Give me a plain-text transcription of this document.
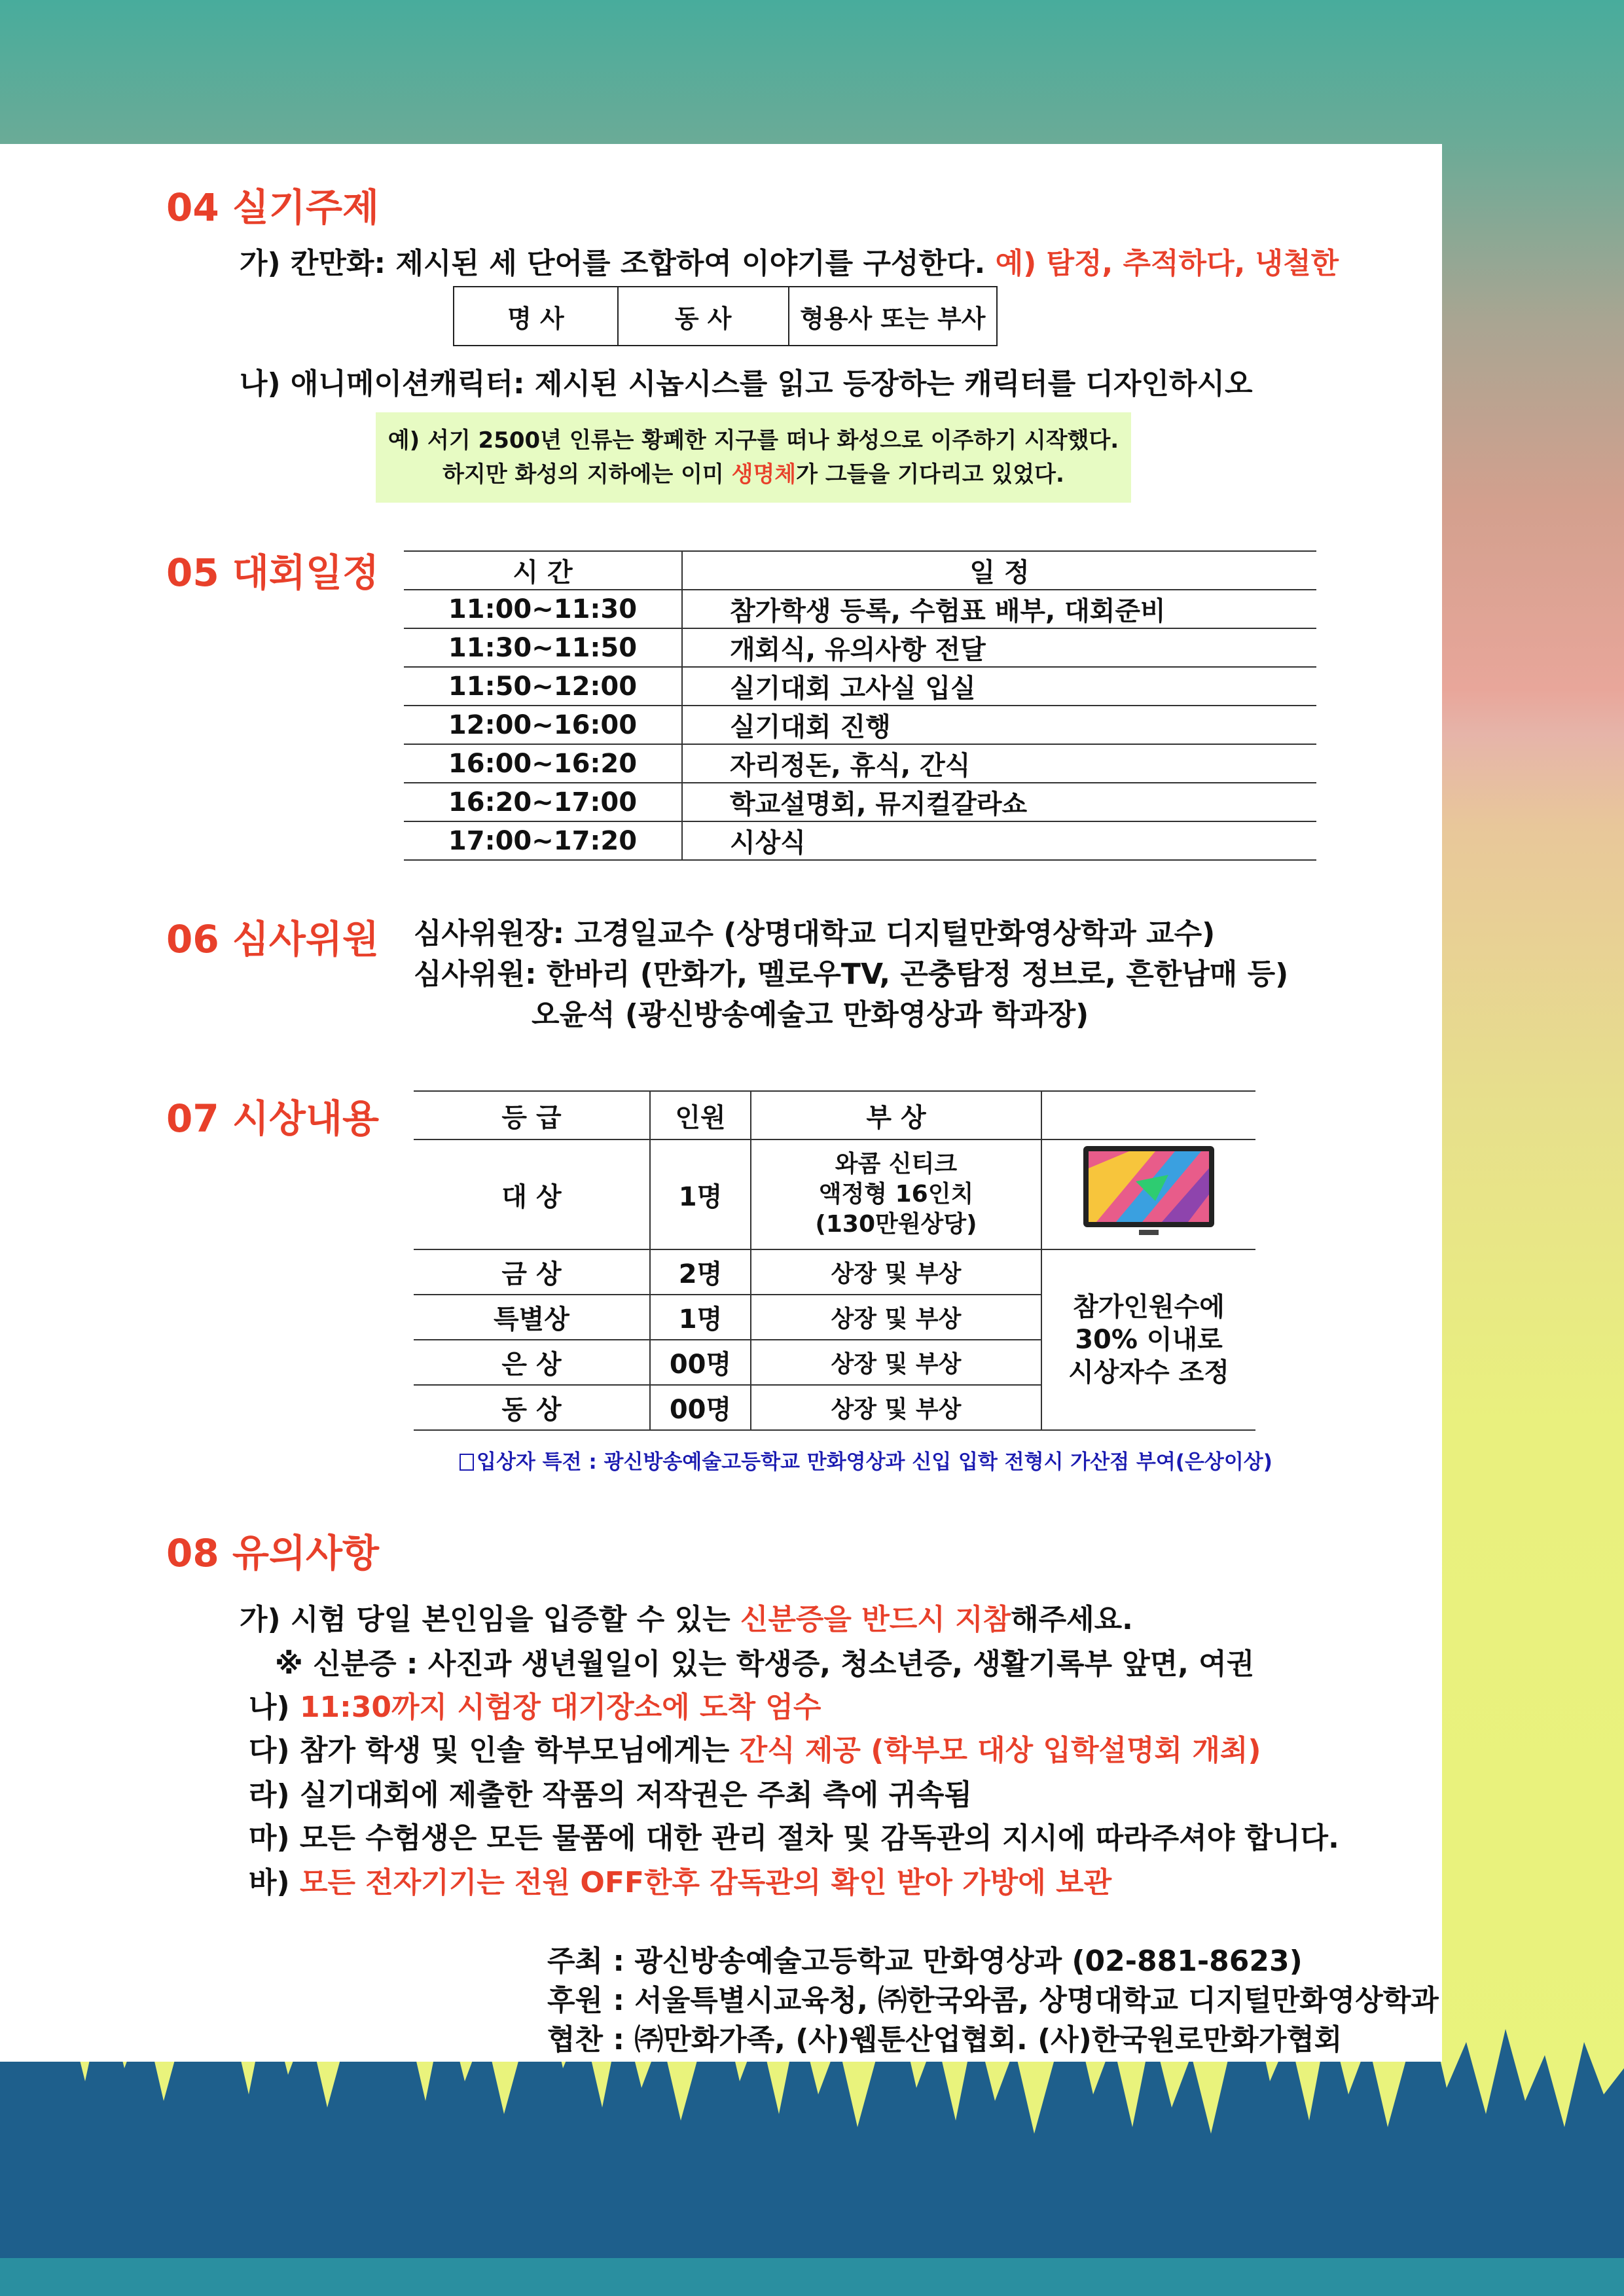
04 실기주제
가) 칸만화: 제시된 세 단어를 조합하여 이야기를 구성한다. 예) 탐정, 추적하다, 냉철한
명 사	동 사	형용사 또는 부사
나) 애니메이션캐릭터: 제시된 시놉시스를 읽고 등장하는 캐릭터를 디자인하시오
예) 서기 2500년 인류는 황폐한 지구를 떠나 화성으로 이주하기 시작했다.
하지만 화성의 지하에는 이미 생명체가 그들을 기다리고 있었다.
05 대회일정	시 간	일 정
11:00~11:30	참가학생 등록, 수험표 배부, 대회준비
11:30~11:50	개회식, 유의사항 전달
11:50~12:00	실기대회 고사실 입실
12:00~16:00	실기대회 진행
16:00~16:20	자리정돈, 휴식, 간식
16:20~17:00	학교설명회, 뮤지컬갈라쇼
17:00~17:20	시상식
06 심사위원 심사위원장: 고경일교수 (상명대학교 디지털만화영상학과 교수)
심사위원: 한바리 (만화가, 멜로우TV, 곤충탐정 정브로, 흔한남매 등)
오윤석 (광신방송예술고 만화영상과 학과장)
07 시상내용	등 급	인원	부 상	
대 상	1명	와콤 신티크
액정형 16인치
(130만원상당)

금 상	2명	상장 및 부상	참가인원수에
30% 이내로
시상자수 조정

특별상	1명	상장 및 부상	
은 상	00명	상장 및 부상	
동 상	00명	상장 및 부상	
입상자 특전 : 광신방송예술고등학교 만화영상과 신입 입학 전형시 가산점 부여(은상이상)
08 유의사항
가) 시험 당일 본인임을 입증할 수 있는 신분증을 반드시 지참해주세요.
※ 신분증 : 사진과 생년월일이 있는 학생증, 청소년증, 생활기록부 앞면, 여권
나) 11:30까지 시험장 대기장소에 도착 엄수
다) 참가 학생 및 인솔 학부모님에게는 간식 제공 (학부모 대상 입학설명회 개최)
라) 실기대회에 제출한 작품의 저작권은 주최 측에 귀속됨
마) 모든 수험생은 모든 물품에 대한 관리 절차 및 감독관의 지시에 따라주셔야 합니다.
바) 모든 전자기기는 전원 OFF한후 감독관의 확인 받아 가방에 보관
주최 : 광신방송예술고등학교 만화영상과 (02-881-8623)
후원 : 서울특별시교육청, ㈜한국와콤, 상명대학교 디지털만화영상학과
협찬 : ㈜만화가족, (사)웹툰산업협회. (사)한국원로만화가협회
